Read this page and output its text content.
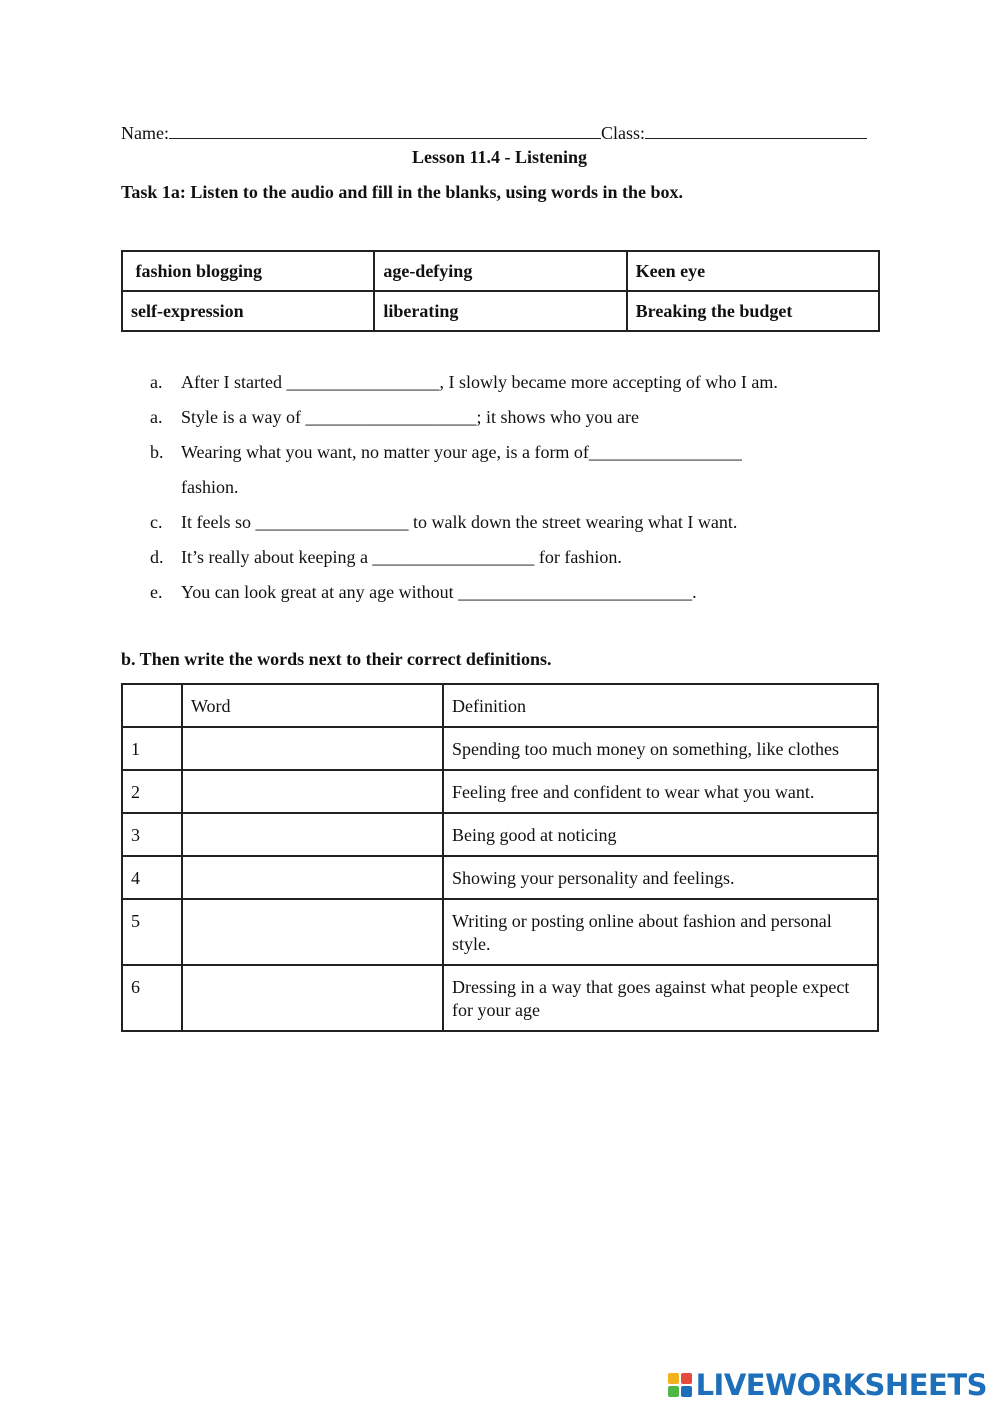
Name:	Class:
Lesson 11.4 - Listening
Task 1a: Listen to the audio and fill in the blanks, using words in the box.
fashion blogging	age-defying	Keen eye
self-expression	liberating	Breaking the budget
a.	After I started _________________, I slowly became more accepting of who I am.
a.	Style is a way of ___________________; it shows who you are
b. Wearing what you want, no matter your age, is a form of_________________
fashion.
c.	It feels so _________________ to walk down the street wearing what I want.
d. It’s really about keeping a __________________ for fashion.
e.	You can look great at any age without __________________________.
b. Then write the words next to their correct definitions.
	Word	Definition
1		Spending too much money on something, like clothes
2		Feeling free and confident to wear what you want.
3		Being good at noticing
4		Showing your personality and feelings.
5		Writing or posting online about fashion and personal style.
6		Dressing in a way that goes against what people expect for your age
LIVEWORKSHEETS
